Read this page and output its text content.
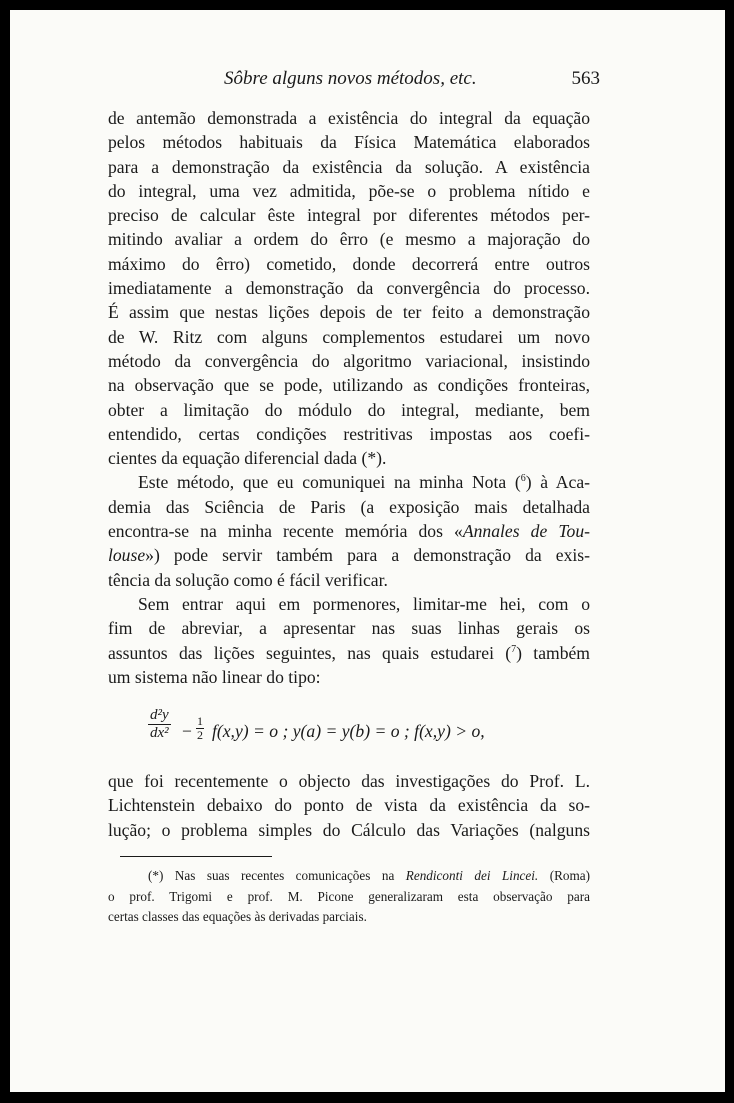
Sôbre alguns novos métodos, etc.	563
de antemão demonstrada a existência do integral da equação
pelos métodos habituais da Física Matemática elaborados
para a demonstração da existência da solução. A existência
do integral, uma vez admitida, põe-se o problema nítido e
preciso de calcular êste integral por diferentes métodos per-
mitindo avaliar a ordem do êrro (e mesmo a majoração do
máximo do êrro) cometido, donde decorrerá entre outros
imediatamente a demonstração da convergência do processo.
É assim que nestas lições depois de ter feito a demonstração
de W. Ritz com alguns complementos estudarei um novo
método da convergência do algoritmo variacional, insistindo
na observação que se pode, utilizando as condições fronteiras,
obter a limitação do módulo do integral, mediante, bem
entendido, certas condições restritivas impostas aos coefi-
cientes da equação diferencial dada (*).
Este método, que eu comuniquei na minha Nota ($^6$) à Aca-
demia das Sciência de Paris (a exposição mais detalhada
encontra-se na minha recente memória dos «Annales de Tou-
louse») pode servir também para a demonstração da exis-
tência da solução como é fácil verificar.
Sem entrar aqui em pormenores, limitar-me hei, com o
fim de abreviar, a apresentar nas suas linhas gerais os
assuntos das lições seguintes, nas quais estudarei ($^7$) também
um sistema não linear do tipo:
$\frac{\text{d²y}}{\text{dx²}} - \frac{1}{2} f(x,y) = o$ ; y(a) = y(b) = o ; f(x,y) > o,
que foi recentemente o objecto das investigações do Prof. L.
Lichtenstein debaixo do ponto de vista da existência da so-
lução; o problema simples do Cálculo das Variações (nalguns
(*) Nas suas recentes comunicações na Rendiconti dei Lincei. (Roma)
o prof. Trigomi e prof. M. Picone generalizaram esta observação para
certas classes das equações às derivadas parciais.
